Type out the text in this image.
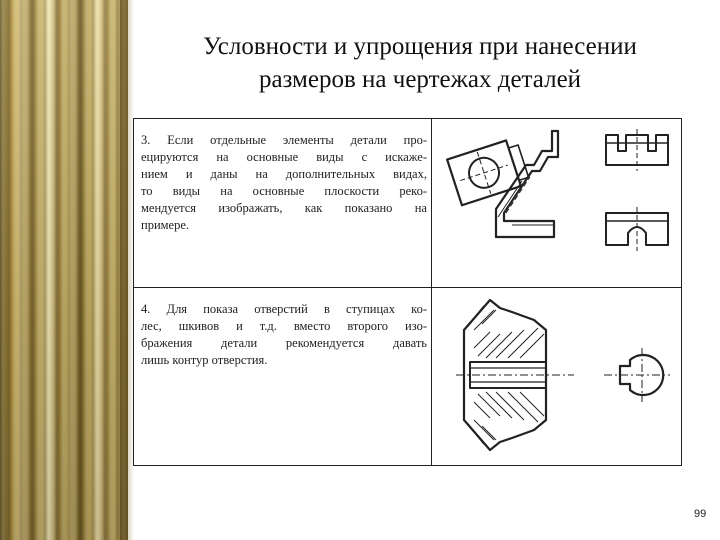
Условности и упрощения при нанесении
размеров на чертежах деталей
3. Если отдельные элементы детали про-
ецируются на основные виды с искаже-
нием и даны на дополнительных видах,
то виды на основные плоскости реко-
мендуется изображать, как показано на
примере.
4. Для показа отверстий в ступицах ко-
лес, шкивов и т.д. вместо второго изо-
бражения детали рекомендуется давать
лишь контур отверстия.
99
